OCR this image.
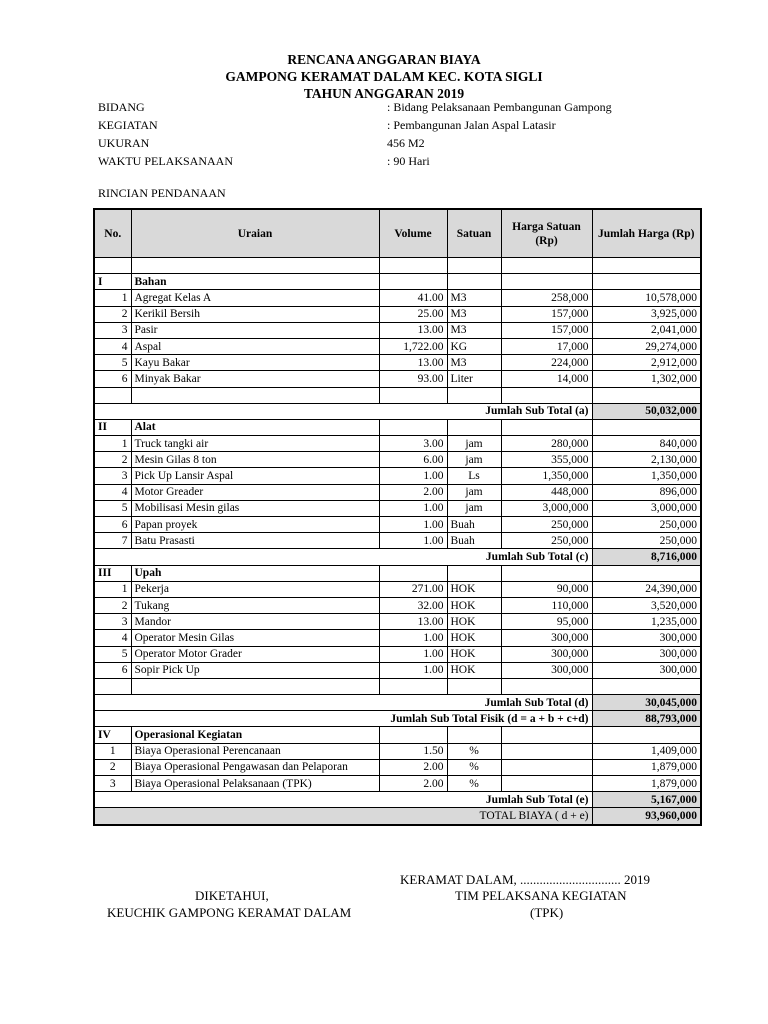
RENCANA ANGGARAN BIAYA
GAMPONG KERAMAT DALAM KEC. KOTA SIGLI
TAHUN ANGGARAN 2019
BIDANG	: Bidang Pelaksanaan Pembangunan Gampong
KEGIATAN	: Pembangunan Jalan Aspal Latasir
UKURAN	456 M2
WAKTU PELAKSANAAN	: 90 Hari
RINCIAN PENDANAAN
No.	Uraian	Volume	Satuan	Harga Satuan (Rp)	Jumlah Harga (Rp)

I	Bahan				
1	Agregat Kelas A	41.00	M3	258,000	10,578,000
2	Kerikil Bersih	25.00	M3	157,000	3,925,000
3	Pasir	13.00	M3	157,000	2,041,000
4	Aspal	1,722.00	KG	17,000	29,274,000
5	Kayu Bakar	13.00	M3	224,000	2,912,000
6	Minyak Bakar	93.00	Liter	14,000	1,302,000

Jumlah Sub Total (a)					50,032,000
II	Alat				
1	Truck tangki air	3.00	jam	280,000	840,000
2	Mesin Gilas 8 ton	6.00	jam	355,000	2,130,000
3	Pick Up Lansir Aspal	1.00	Ls	1,350,000	1,350,000
4	Motor Greader	2.00	jam	448,000	896,000
5	Mobilisasi Mesin gilas	1.00	jam	3,000,000	3,000,000
6	Papan proyek	1.00	Buah	250,000	250,000
7	Batu Prasasti	1.00	Buah	250,000	250,000
Jumlah Sub Total (c)					8,716,000
III	Upah				
1	Pekerja	271.00	HOK	90,000	24,390,000
2	Tukang	32.00	HOK	110,000	3,520,000
3	Mandor	13.00	HOK	95,000	1,235,000
4	Operator Mesin Gilas	1.00	HOK	300,000	300,000
5	Operator Motor Grader	1.00	HOK	300,000	300,000
6	Sopir Pick Up	1.00	HOK	300,000	300,000

Jumlah Sub Total (d)					30,045,000
Jumlah Sub Total Fisik (d = a + b + c+d)					88,793,000
IV	Operasional Kegiatan				
1	Biaya Operasional Perencanaan	1.50	%		1,409,000
2	Biaya Operasional Pengawasan dan Pelaporan	2.00	%		1,879,000
3	Biaya Operasional Pelaksanaan (TPK)	2.00	%		1,879,000
Jumlah Sub Total (e)					5,167,000
TOTAL BIAYA ( d + e)					93,960,000
KERAMAT DALAM, ............................... 2019
DIKETAHUI,
KEUCHIK GAMPONG KERAMAT DALAM
TIM PELAKSANA KEGIATAN
(TPK)
